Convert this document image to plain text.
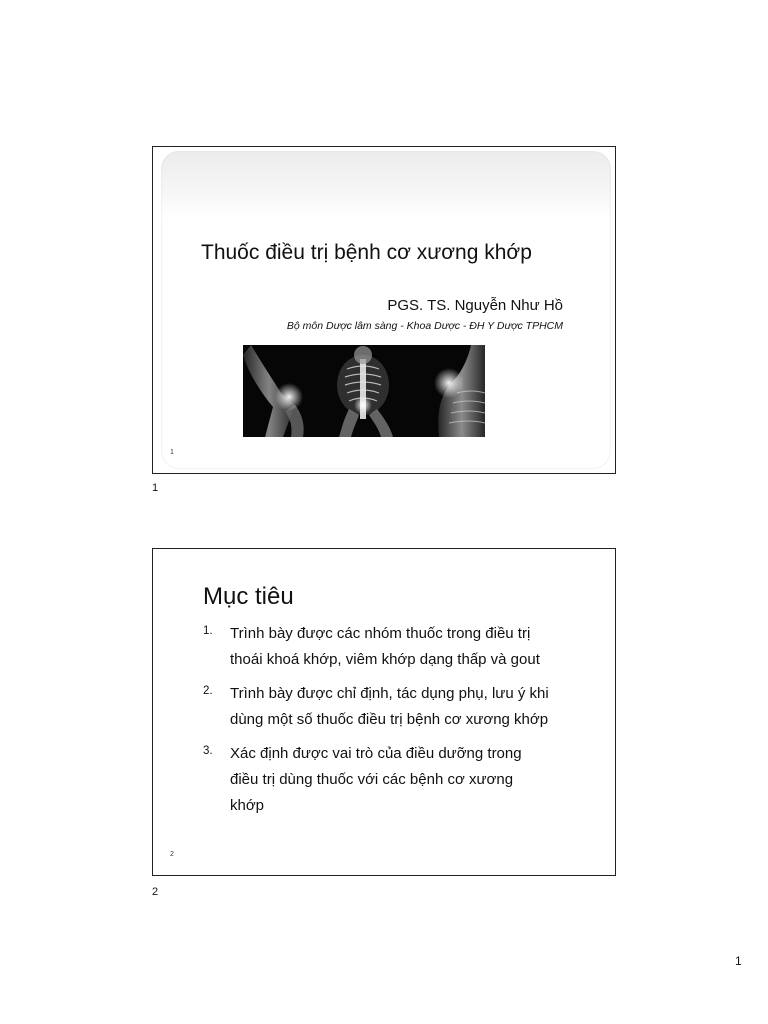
Thuốc điều trị bệnh cơ xương khớp
PGS. TS. Nguyễn Như Hồ
Bộ môn Dược lâm sàng - Khoa Dược - ĐH Y Dược TPHCM
1
1
Mục tiêu
1.	Trình bày được các nhóm thuốc trong điều trị
thoái khoá khớp, viêm khớp dạng thấp và gout
2.	Trình bày được chỉ định, tác dụng phụ, lưu ý khi
dùng một số thuốc điều trị bệnh cơ xương khớp
3.	Xác định được vai trò của điều dưỡng trong
điều trị dùng thuốc với các bệnh cơ xương
khớp
2
2
1
